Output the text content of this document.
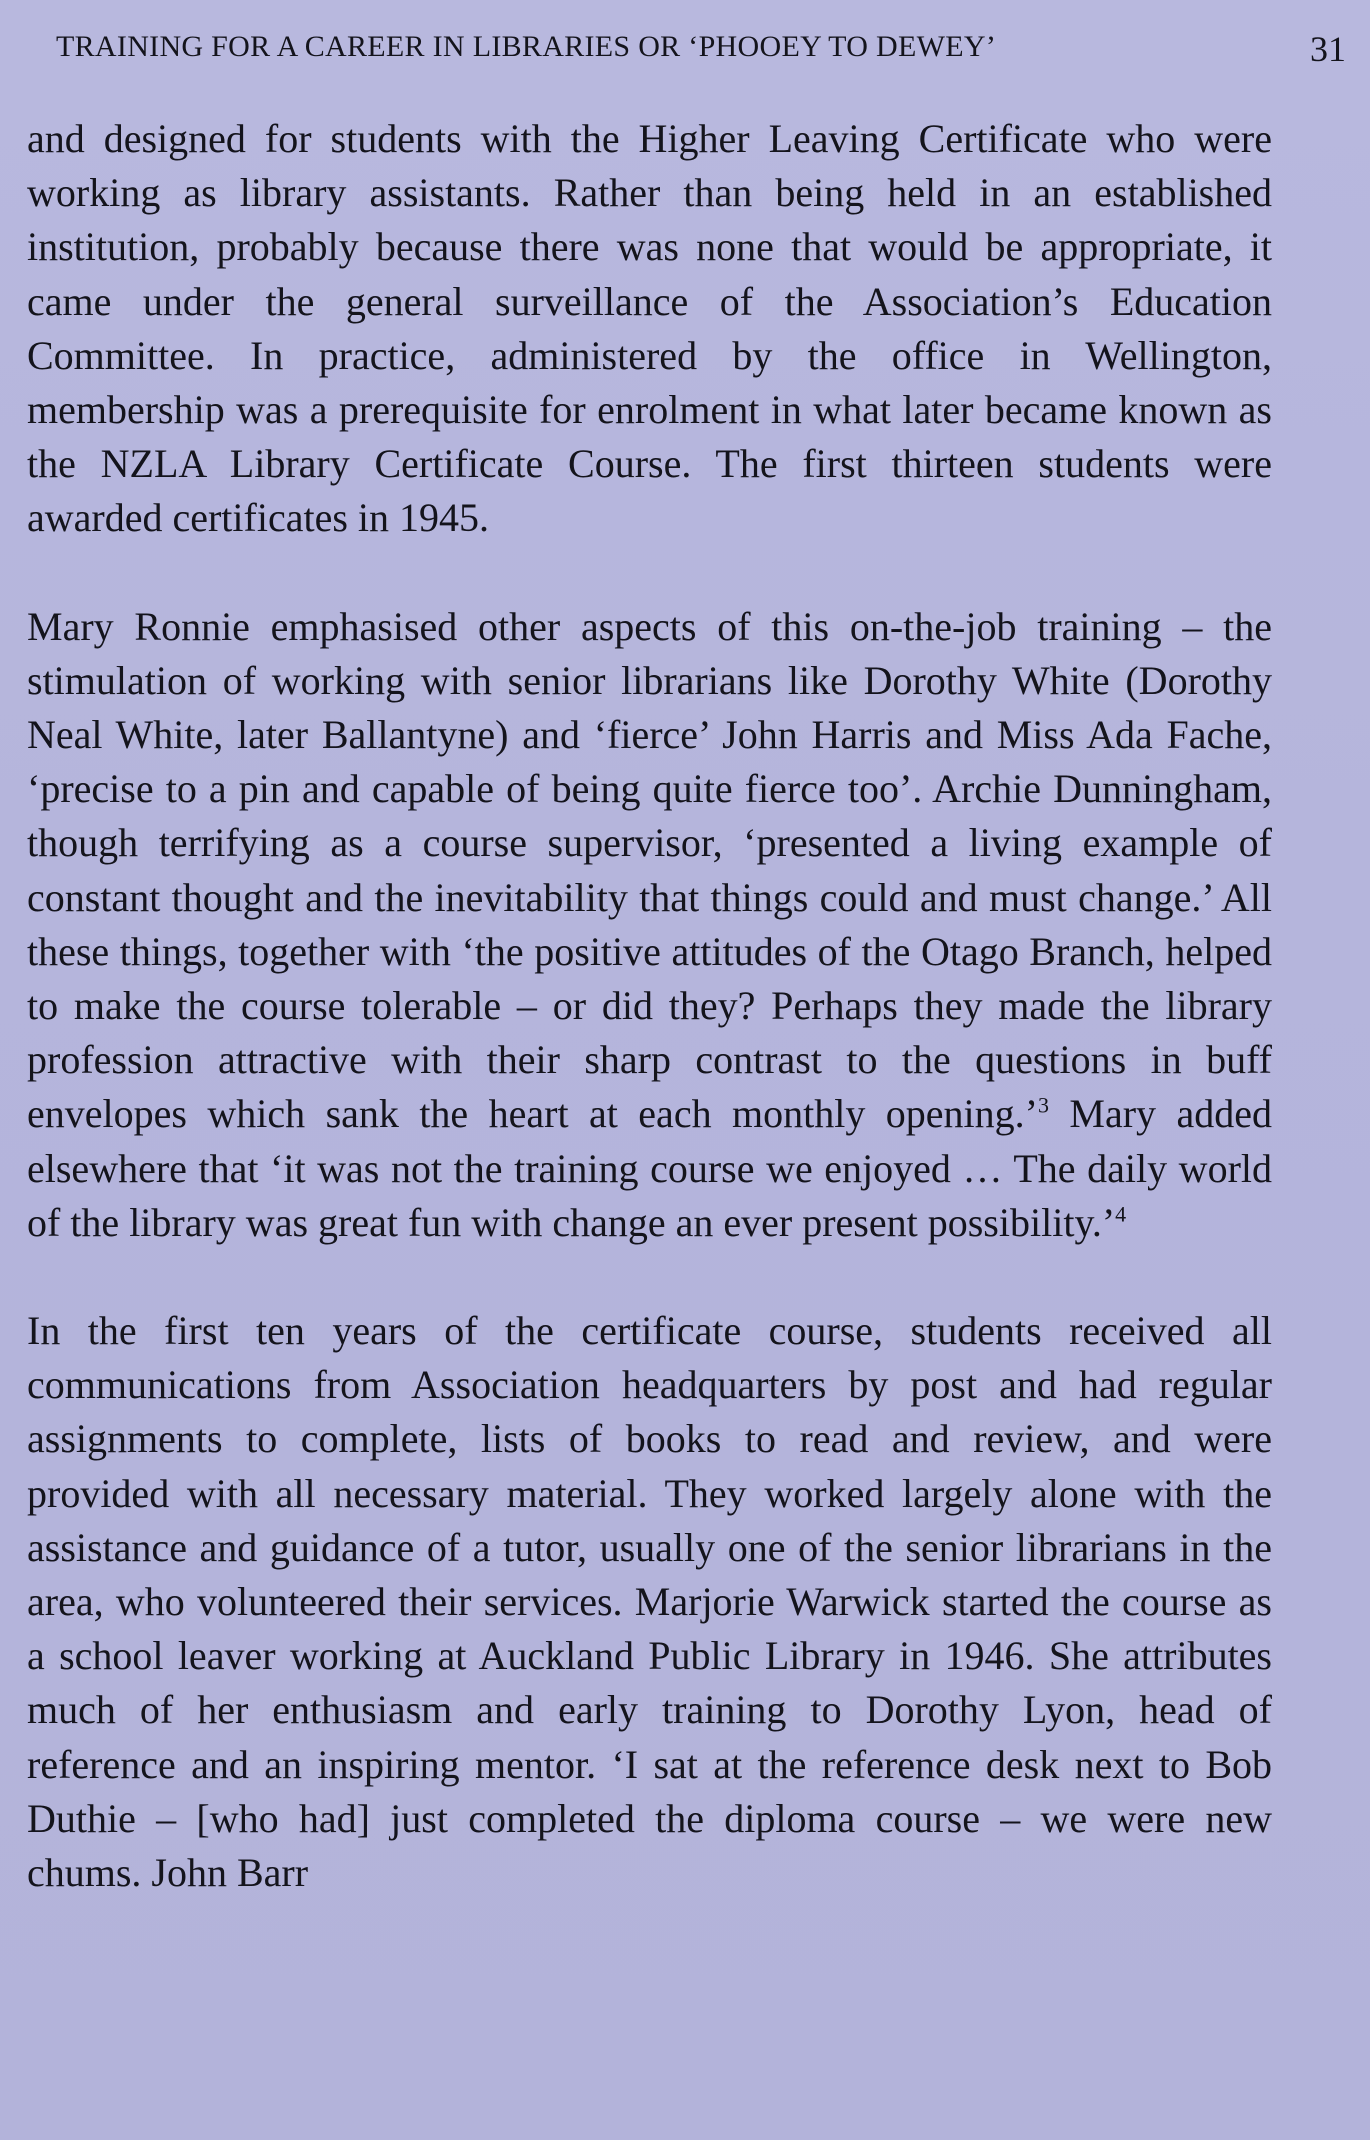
TRAINING FOR A CAREER IN LIBRARIES OR ‘PHOOEY TO DEWEY’	31

and designed for students with the Higher Leaving Certificate who were working as library assistants. Rather than being held in an established institution, probably because there was none that would be appropriate, it came under the general surveillance of the Association’s Education Committee. In practice, administered by the office in Wellington, membership was a prerequisite for enrolment in what later became known as the NZLA Library Certificate Course. The first thirteen students were awarded certificates in 1945.

Mary Ronnie emphasised other aspects of this on-the-job training – the stimulation of working with senior librarians like Dorothy White (Dorothy Neal White, later Ballantyne) and ‘fierce’ John Harris and Miss Ada Fache, ‘precise to a pin and capable of being quite fierce too’. Archie Dunningham, though terrifying as a course supervisor, ‘presented a living example of constant thought and the inevitability that things could and must change.’ All these things, together with ‘the positive attitudes of the Otago Branch, helped to make the course tolerable – or did they? Perhaps they made the library profession attractive with their sharp contrast to the questions in buff envelopes which sank the heart at each monthly opening.’$^3$ Mary added elsewhere that ‘it was not the training course we enjoyed … The daily world of the library was great fun with change an ever present possibility.’$^4$

In the first ten years of the certificate course, students received all communications from Association headquarters by post and had regular assignments to complete, lists of books to read and review, and were provided with all necessary material. They worked largely alone with the assistance and guidance of a tutor, usually one of the senior librarians in the area, who volunteered their services. Marjorie Warwick started the course as a school leaver working at Auckland Public Library in 1946. She attributes much of her enthusiasm and early training to Dorothy Lyon, head of reference and an inspiring mentor. ‘I sat at the reference desk next to Bob Duthie – [who had] just completed the diploma course – we were new chums. John Barr
